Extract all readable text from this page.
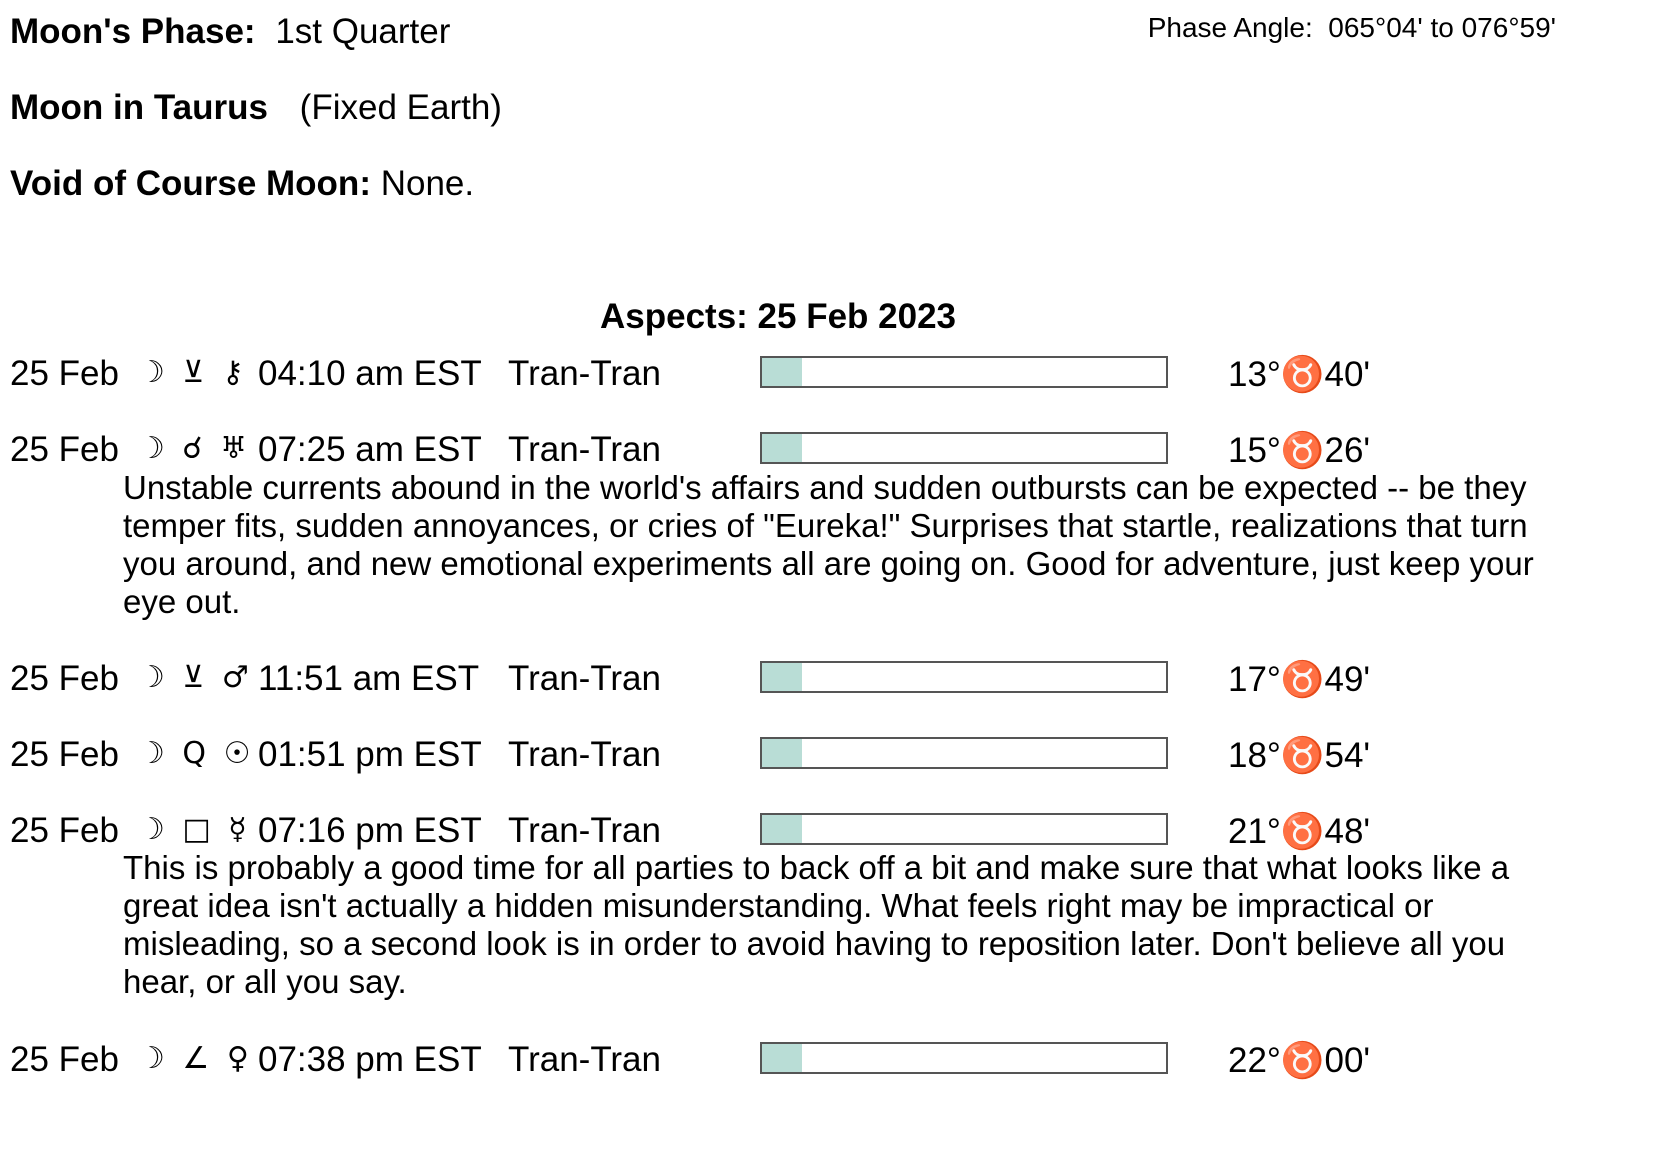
Moon's Phase: 1st Quarter	Phase Angle:  065°04' to 076°59'
Moon in Taurus (Fixed Earth)
Void of Course Moon: None.
Aspects: 25 Feb 2023
25 Feb ☽ ⊻ ⚷ 04:10 am EST Tran-Tran	13°♉40'
25 Feb ☽ ☌ ♅ 07:25 am EST Tran-Tran	15°♉26'
Unstable currents abound in the world's affairs and sudden outbursts can be expected -- be they temper fits, sudden annoyances, or cries of "Eureka!" Surprises that startle, realizations that turn you around, and new emotional experiments all are going on. Good for adventure, just keep your eye out.
25 Feb ☽ ⊻ ♂ 11:51 am EST Tran-Tran	17°♉49'
25 Feb ☽ Q ☉ 01:51 pm EST Tran-Tran	18°♉54'
25 Feb ☽ □ ☿ 07:16 pm EST Tran-Tran	21°♉48'
This is probably a good time for all parties to back off a bit and make sure that what looks like a great idea isn't actually a hidden misunderstanding. What feels right may be impractical or misleading, so a second look is in order to avoid having to reposition later. Don't believe all you hear, or all you say.
25 Feb ☽ ∠ ♀ 07:38 pm EST Tran-Tran	22°♉00'
